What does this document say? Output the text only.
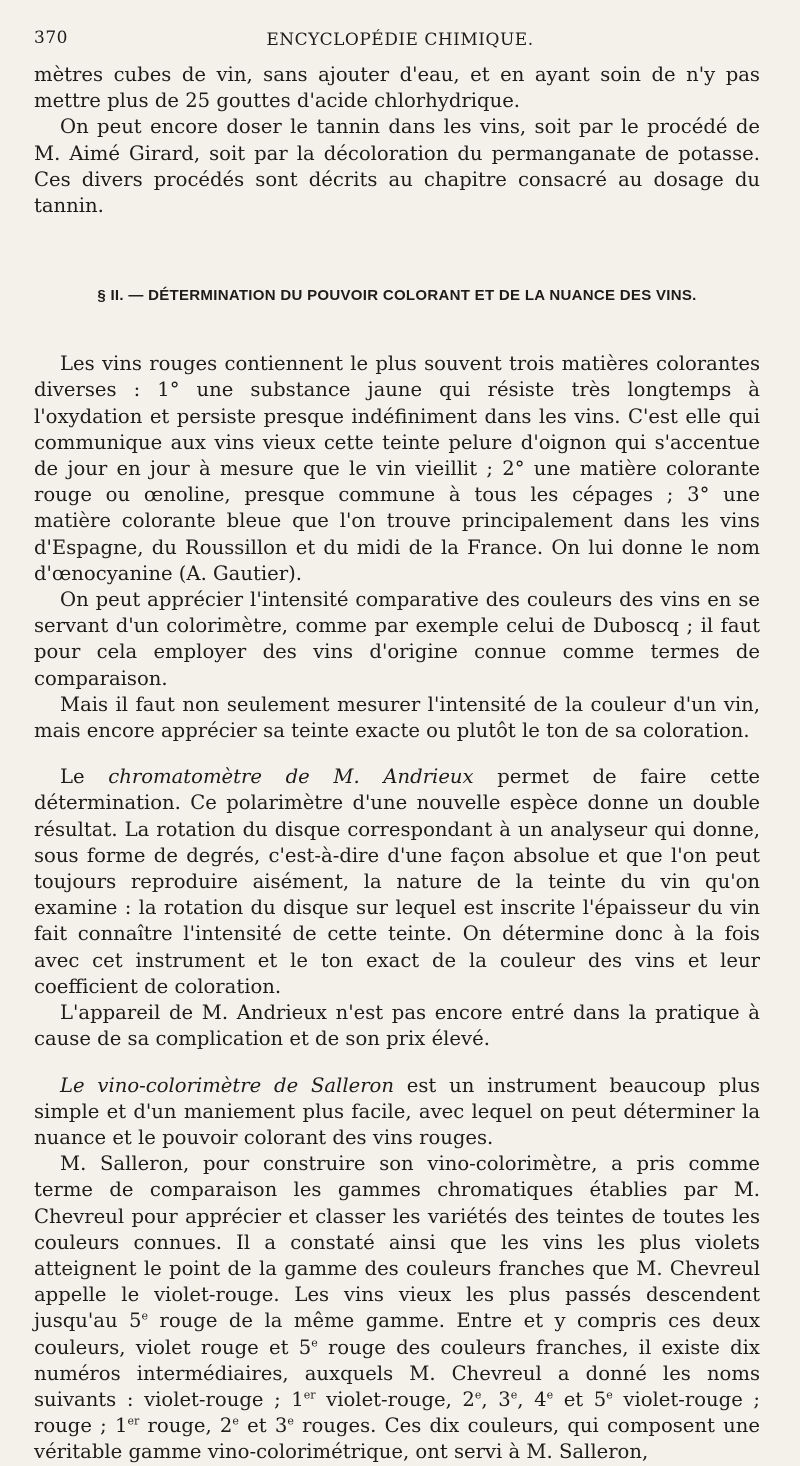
370	ENCYCLOPÉDIE CHIMIQUE.

mètres cubes de vin, sans ajouter d'eau, et en ayant soin de n'y pas mettre plus de 25 gouttes d'acide chlorhydrique.

On peut encore doser le tannin dans les vins, soit par le procédé de M. Aimé Girard, soit par la décoloration du permanganate de potasse. Ces divers procédés sont décrits au chapitre consacré au dosage du tannin.

§ II. — DÉTERMINATION DU POUVOIR COLORANT ET DE LA NUANCE DES VINS.

Les vins rouges contiennent le plus souvent trois matières colorantes diverses : 1° une substance jaune qui résiste très longtemps à l'oxydation et persiste presque indéfiniment dans les vins. C'est elle qui communique aux vins vieux cette teinte pelure d'oignon qui s'accentue de jour en jour à mesure que le vin vieillit ; 2° une matière colorante rouge ou œnoline, presque commune à tous les cépages ; 3° une matière colorante bleue que l'on trouve principalement dans les vins d'Espagne, du Roussillon et du midi de la France. On lui donne le nom d'œnocyanine (A. Gautier).

On peut apprécier l'intensité comparative des couleurs des vins en se servant d'un colorimètre, comme par exemple celui de Duboscq ; il faut pour cela employer des vins d'origine connue comme termes de comparaison.

Mais il faut non seulement mesurer l'intensité de la couleur d'un vin, mais encore apprécier sa teinte exacte ou plutôt le ton de sa coloration.

Le chromatomètre de M. Andrieux permet de faire cette détermination. Ce polarimètre d'une nouvelle espèce donne un double résultat. La rotation du disque correspondant à un analyseur qui donne, sous forme de degrés, c'est-à-dire d'une façon absolue et que l'on peut toujours reproduire aisément, la nature de la teinte du vin qu'on examine : la rotation du disque sur lequel est inscrite l'épaisseur du vin fait connaître l'intensité de cette teinte. On détermine donc à la fois avec cet instrument et le ton exact de la couleur des vins et leur coefficient de coloration.

L'appareil de M. Andrieux n'est pas encore entré dans la pratique à cause de sa complication et de son prix élevé.

Le vino-colorimètre de Salleron est un instrument beaucoup plus simple et d'un maniement plus facile, avec lequel on peut déterminer la nuance et le pouvoir colorant des vins rouges.

M. Salleron, pour construire son vino-colorimètre, a pris comme terme de comparaison les gammes chromatiques établies par M. Chevreul pour apprécier et classer les variétés des teintes de toutes les couleurs connues. Il a constaté ainsi que les vins les plus violets atteignent le point de la gamme des couleurs franches que M. Chevreul appelle le violet-rouge. Les vins vieux les plus passés descendent jusqu'au 5e rouge de la même gamme. Entre et y compris ces deux couleurs, violet rouge et 5e rouge des couleurs franches, il existe dix numéros intermédiaires, auxquels M. Chevreul a donné les noms suivants : violet-rouge ; 1er violet-rouge, 2e, 3e, 4e et 5e violet-rouge ; rouge ; 1er rouge, 2e et 3e rouges. Ces dix couleurs, qui composent une véritable gamme vino-colorimétrique, ont servi à M. Salleron,
